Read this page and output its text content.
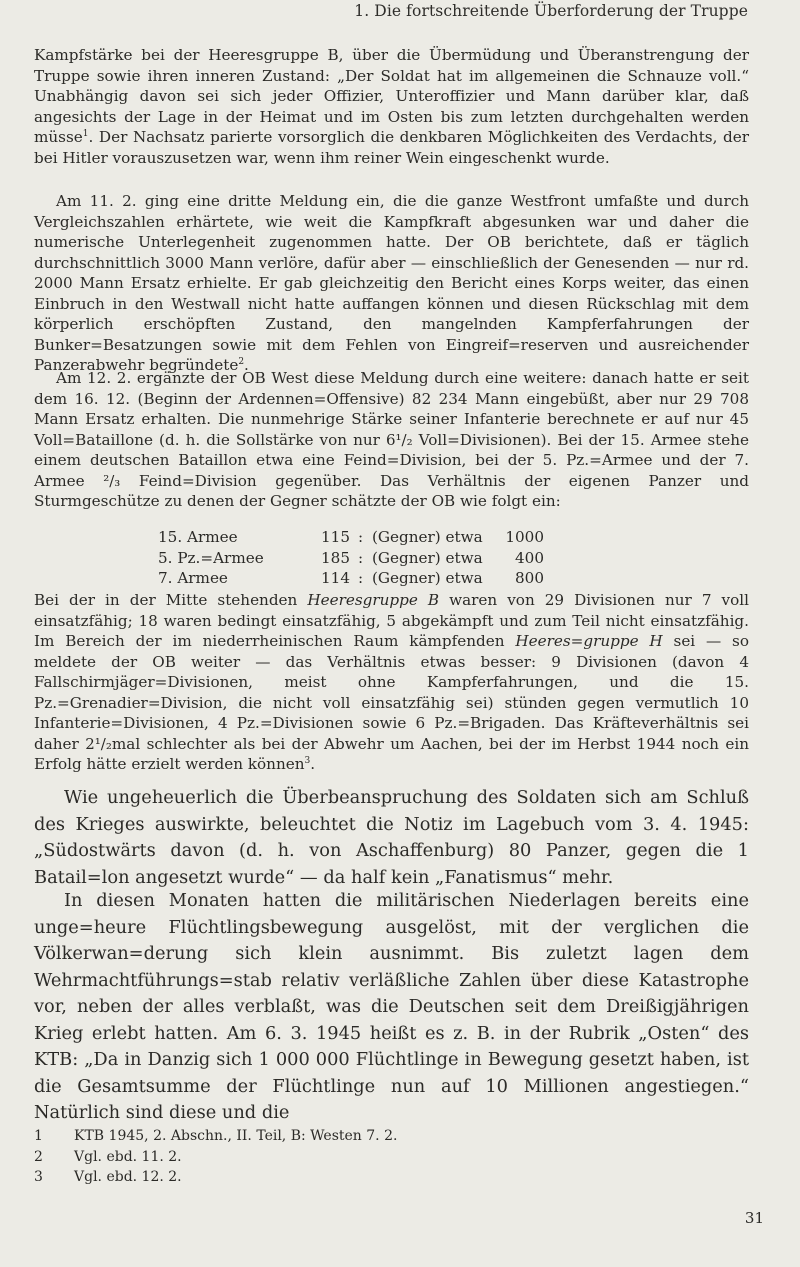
1. Die fortschreitende Überforderung der Truppe

Kampfstärke bei der Heeresgruppe B, über die Übermüdung und Überanstrengung der Truppe sowie ihren inneren Zustand: „Der Soldat hat im allgemeinen die Schnauze voll.“ Unabhängig davon sei sich jeder Offizier, Unteroffizier und Mann darüber klar, daß angesichts der Lage in der Heimat und im Osten bis zum letzten durchgehalten werden müsse$^1$. Der Nachsatz parierte vorsorglich die denkbaren Möglichkeiten des Verdachts, der bei Hitler vorauszusetzen war, wenn ihm reiner Wein eingeschenkt wurde.

Am 11. 2. ging eine dritte Meldung ein, die die ganze Westfront umfaßte und durch Vergleichszahlen erhärtete, wie weit die Kampfkraft abgesunken war und daher die numerische Unterlegenheit zugenommen hatte. Der OB berichtete, daß er täglich durchschnittlich 3000 Mann verlöre, dafür aber — einschließlich der Genesenden — nur rd. 2000 Mann Ersatz erhielte. Er gab gleichzeitig den Bericht eines Korps weiter, das einen Einbruch in den Westwall nicht hatte auffangen können und diesen Rückschlag mit dem körperlich erschöpften Zustand, den mangelnden Kampferfahrungen der Bunker=Besatzungen sowie mit dem Fehlen von Eingreif=reserven und ausreichender Panzerabwehr begründete$^2$.

Am 12. 2. ergänzte der OB West diese Meldung durch eine weitere: danach hatte er seit dem 16. 12. (Beginn der Ardennen=Offensive) 82 234 Mann eingebüßt, aber nur 29 708 Mann Ersatz erhalten. Die nunmehrige Stärke seiner Infanterie berechnete er auf nur 45 Voll=Bataillone (d. h. die Sollstärke von nur 6¹/₂ Voll=Divisionen). Bei der 15. Armee stehe einem deutschen Bataillon etwa eine Feind=Division, bei der 5. Pz.=Armee und der 7. Armee ²/₃ Feind=Division gegenüber. Das Verhältnis der eigenen Panzer und Sturmgeschütze zu denen der Gegner schätzte der OB wie folgt ein:

15. Armee	115	:	(Gegner) etwa	1000
5. Pz.=Armee	185	:	(Gegner) etwa	400
7. Armee	114	:	(Gegner) etwa	800

Bei der in der Mitte stehenden Heeresgruppe B waren von 29 Divisionen nur 7 voll einsatzfähig; 18 waren bedingt einsatzfähig, 5 abgekämpft und zum Teil nicht einsatzfähig. Im Bereich der im niederrheinischen Raum kämpfenden Heeres=gruppe H sei — so meldete der OB weiter — das Verhältnis etwas besser: 9 Divisionen (davon 4 Fallschirmjäger=Divisionen, meist ohne Kampferfahrungen, und die 15. Pz.=Grenadier=Division, die nicht voll einsatzfähig sei) stünden gegen vermutlich 10 Infanterie=Divisionen, 4 Pz.=Divisionen sowie 6 Pz.=Brigaden. Das Kräfteverhältnis sei daher 2¹/₂mal schlechter als bei der Abwehr um Aachen, bei der im Herbst 1944 noch ein Erfolg hätte erzielt werden können$^3$.

Wie ungeheuerlich die Überbeanspruchung des Soldaten sich am Schluß des Krieges auswirkte, beleuchtet die Notiz im Lagebuch vom 3. 4. 1945: „Südostwärts davon (d. h. von Aschaffenburg) 80 Panzer, gegen die 1 Batail=lon angesetzt wurde“ — da half kein „Fanatismus“ mehr.

In diesen Monaten hatten die militärischen Niederlagen bereits eine unge=heure Flüchtlingsbewegung ausgelöst, mit der verglichen die Völkerwan=derung sich klein ausnimmt. Bis zuletzt lagen dem Wehrmachtführungs=stab relativ verläßliche Zahlen über diese Katastrophe vor, neben der alles verblaßt, was die Deutschen seit dem Dreißigjährigen Krieg erlebt hatten. Am 6. 3. 1945 heißt es z. B. in der Rubrik „Osten“ des KTB: „Da in Danzig sich 1 000 000 Flüchtlinge in Bewegung gesetzt haben, ist die Gesamtsumme der Flüchtlinge nun auf 10 Millionen angestiegen.“ Natürlich sind diese und die

1	KTB 1945, 2. Abschn., II. Teil, B: Westen 7. 2.
2	Vgl. ebd. 11. 2.
3	Vgl. ebd. 12. 2.
31
